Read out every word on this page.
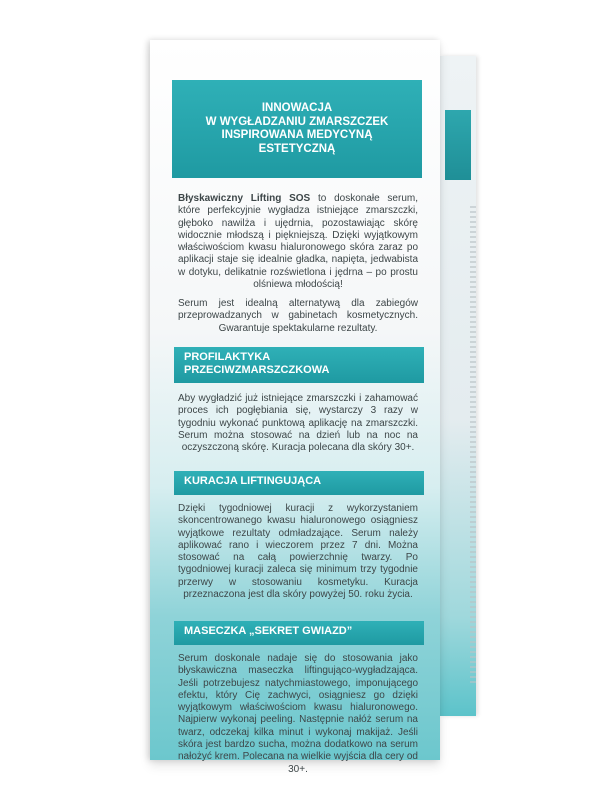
INNOWACJA
W WYGŁADZANIU ZMARSZCZEK
INSPIROWANA MEDYCYNĄ
ESTETYCZNĄ
Błyskawiczny Lifting SOS to doskonałe serum, które perfekcyjnie wygładza istniejące zmarszczki, głęboko nawilża i ujędrnia, pozostawiając skórę widocznie młodszą i piękniejszą. Dzięki wyjątkowym właściwościom kwasu hialuronowego skóra zaraz po aplikacji staje się idealnie gładka, napięta, jedwabista w dotyku, delikatnie rozświetlona i jędrna – po prostu olśniewa młodością!
Serum jest idealną alternatywą dla zabiegów przeprowadzanych w gabinetach kosmetycznych. Gwarantuje spektakularne rezultaty.
PROFILAKTYKA
PRZECIWZMARSZCZKOWA
Aby wygładzić już istniejące zmarszczki i zahamować proces ich pogłębiania się, wystarczy 3 razy w tygodniu wykonać punktową aplikację na zmarszczki. Serum można stosować na dzień lub na noc na oczyszczoną skórę. Kuracja polecana dla skóry 30+.
KURACJA LIFTINGUJĄCA
Dzięki tygodniowej kuracji z wykorzystaniem skoncentrowanego kwasu hialuronowego osiągniesz wyjątkowe rezultaty odmładzające. Serum należy aplikować rano i wieczorem przez 7 dni. Można stosować na całą powierzchnię twarzy. Po tygodniowej kuracji zaleca się minimum trzy tygodnie przerwy w stosowaniu kosmetyku. Kuracja przeznaczona jest dla skóry powyżej 50. roku życia.
MASECZKA „SEKRET GWIAZD”
Serum doskonale nadaje się do stosowania jako błyskawiczna maseczka liftingująco-wygładzająca. Jeśli potrzebujesz natychmiastowego, imponującego efektu, który Cię zachwyci, osiągniesz go dzięki wyjątkowym właściwościom kwasu hialuronowego. Najpierw wykonaj peeling. Następnie nałóż serum na twarz, odczekaj kilka minut i wykonaj makijaż. Jeśli skóra jest bardzo sucha, można dodatkowo na serum nałożyć krem. Polecana na wielkie wyjścia dla cery od 30+.
